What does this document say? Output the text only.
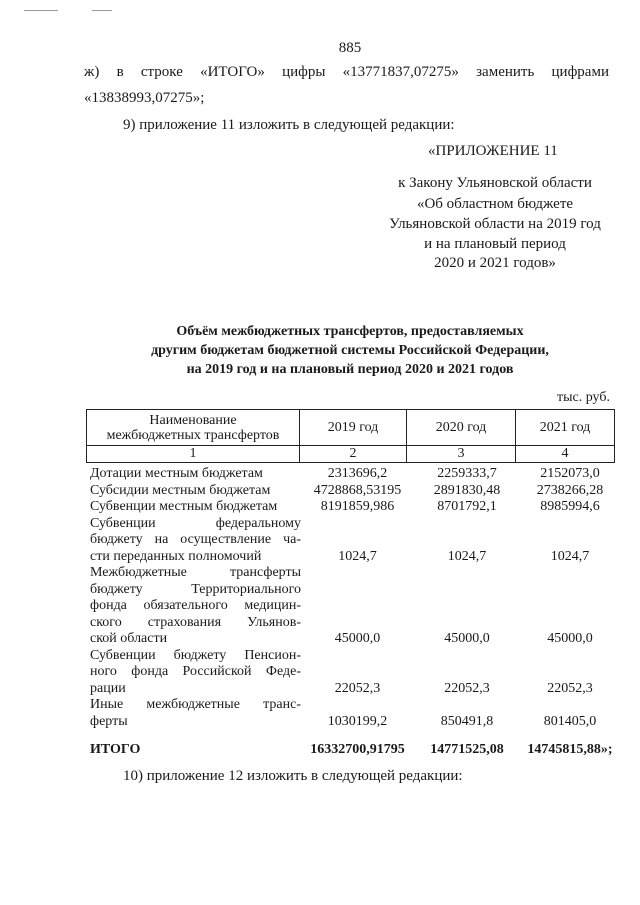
885
ж) в строке «ИТОГО» цифры «13771837,07275» заменить цифрами
«13838993,07275»;
9) приложение 11 изложить в следующей редакции:
«ПРИЛОЖЕНИЕ 11
к Закону Ульяновской области
«Об областном бюджете
Ульяновской области на 2019 год
и на плановый период
2020 и 2021 годов»
Объём межбюджетных трансфертов, предоставляемых
другим бюджетам бюджетной системы Российской Федерации,
на 2019 год и на плановый период 2020 и 2021 годов
тыс. руб.
Наименование
межбюджетных трансфертов	2019 год	2020 год	2021 год
1	2	3	4
Дотации местным бюджетам	2313696,2	2259333,7	2152073,0
Субсидии местным бюджетам	4728868,53195	2891830,48	2738266,28
Субвенции местным бюджетам	8191859,986	8701792,1	8985994,6
Субвенции федеральному
бюджету на осуществление ча-
сти переданных полномочий	1024,7	1024,7	1024,7
Межбюджетные трансферты
бюджету Территориального
фонда обязательного медицин-
ского страхования Ульянов-
ской области	45000,0	45000,0	45000,0
Субвенции бюджету Пенсион-
ного фонда Российской Феде-
рации	22052,3	22052,3	22052,3
Иные межбюджетные транс-
ферты	1030199,2	850491,8	801405,0
ИТОГО	16332700,91795	14771525,08	14745815,88»;
10) приложение 12 изложить в следующей редакции:
